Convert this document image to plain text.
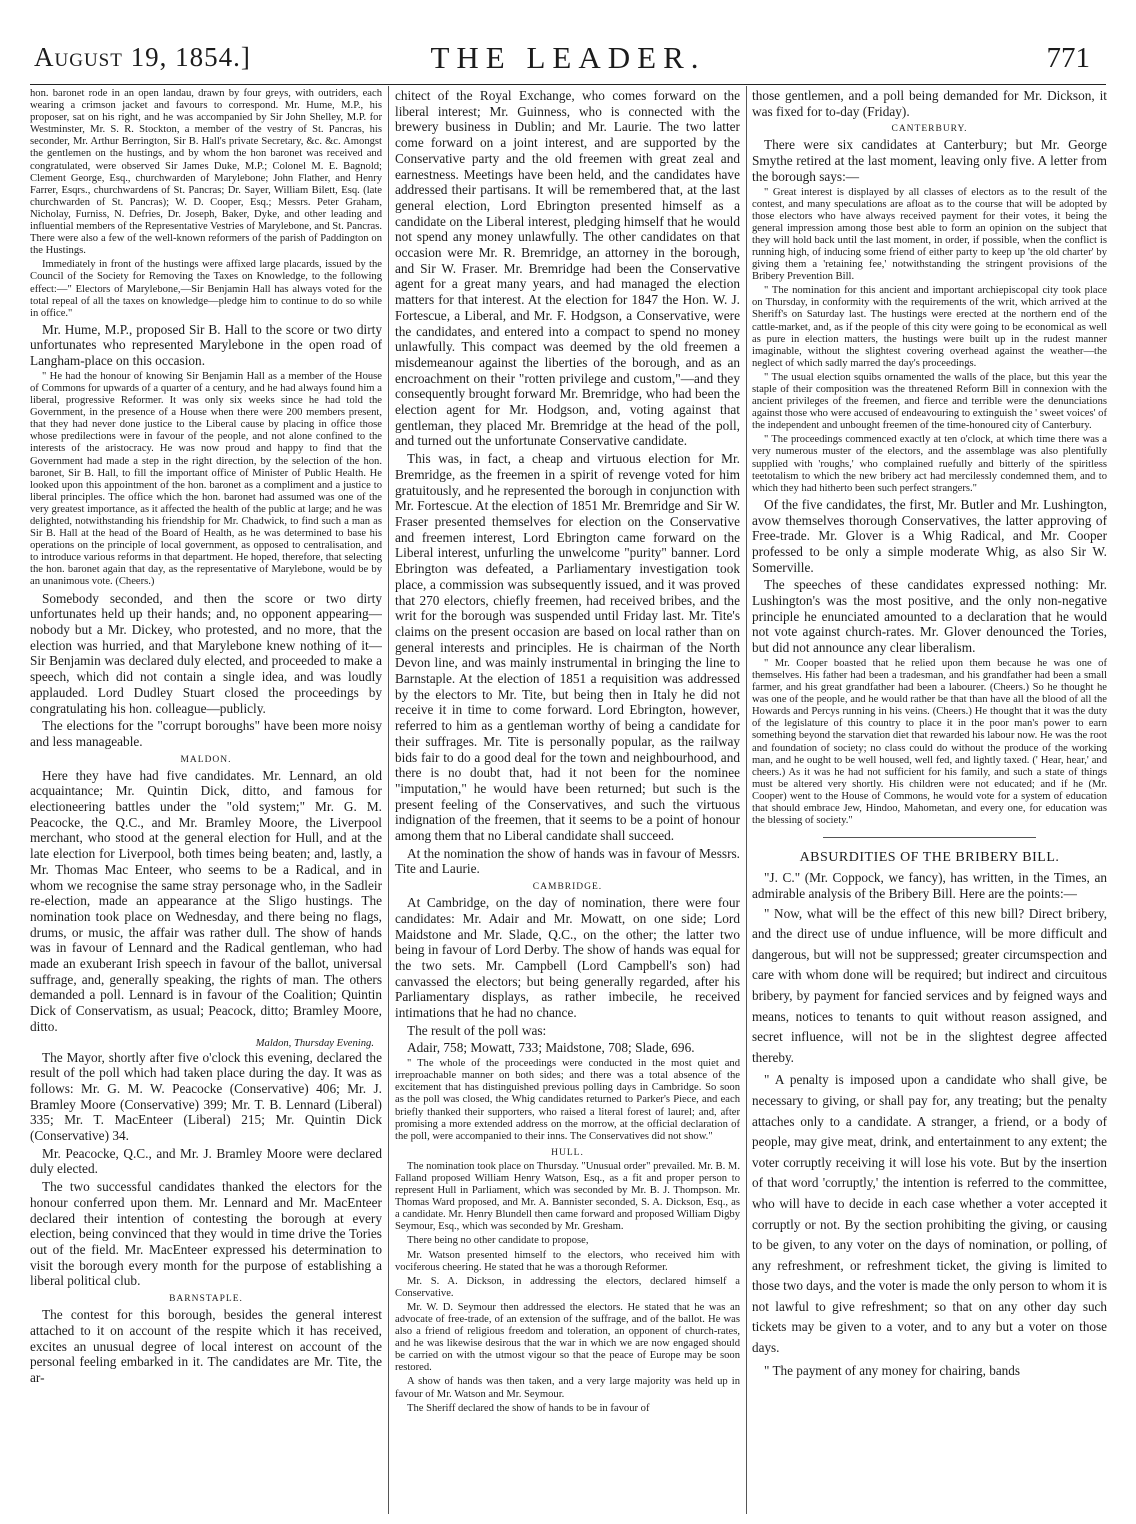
August 19, 1854.]	THE LEADER.	771

hon. baronet rode in an open landau, drawn by four greys, with outriders, each wearing a crimson jacket and favours to correspond. Mr. Hume, M.P., his proposer, sat on his right, and he was accompanied by Sir John Shelley, M.P. for Westminster, Mr. S. R. Stockton, a member of the vestry of St. Pancras, his seconder, Mr. Arthur Berrington, Sir B. Hall's private Secretary, &c. &c. Amongst the gentlemen on the hustings, and by whom the hon baronet was received and congratulated, were observed Sir James Duke, M.P.; Colonel M. E. Bagnold; Clement George, Esq., churchwarden of Marylebone; John Flather, and Henry Farrer, Esqrs., churchwardens of St. Pancras; Dr. Sayer, William Bilett, Esq. (late churchwarden of St. Pancras); W. D. Cooper, Esq.; Messrs. Peter Graham, Nicholay, Furniss, N. Defries, Dr. Joseph, Baker, Dyke, and other leading and influential members of the Representative Vestries of Marylebone, and St. Pancras. There were also a few of the well-known reformers of the parish of Paddington on the Hustings.

Immediately in front of the hustings were affixed large placards, issued by the Council of the Society for Removing the Taxes on Knowledge, to the following effect:—" Electors of Marylebone,—Sir Benjamin Hall has always voted for the total repeal of all the taxes on knowledge—pledge him to continue to do so while in office."

Mr. Hume, M.P., proposed Sir B. Hall to the score or two dirty unfortunates who represented Marylebone in the open road of Langham-place on this occasion.

" He had the honour of knowing Sir Benjamin Hall as a member of the House of Commons for upwards of a quarter of a century, and he had always found him a liberal, progressive Reformer. It was only six weeks since he had told the Government, in the presence of a House when there were 200 members present, that they had never done justice to the Liberal cause by placing in office those whose predilections were in favour of the people, and not alone confined to the interests of the aristocracy. He was now proud and happy to find that the Government had made a step in the right direction, by the selection of the hon. baronet, Sir B. Hall, to fill the important office of Minister of Public Health. He looked upon this appointment of the hon. baronet as a compliment and a justice to liberal principles. The office which the hon. baronet had assumed was one of the very greatest importance, as it affected the health of the public at large; and he was delighted, notwithstanding his friendship for Mr. Chadwick, to find such a man as Sir B. Hall at the head of the Board of Health, as he was determined to base his operations on the principle of local government, as opposed to centralisation, and to introduce various reforms in that department. He hoped, therefore, that selecting the hon. baronet again that day, as the representative of Marylebone, would be by an unanimous vote. (Cheers.)

Somebody seconded, and then the score or two dirty unfortunates held up their hands; and, no opponent appearing—nobody but a Mr. Dickey, who protested, and no more, that the election was hurried, and that Marylebone knew nothing of it—Sir Benjamin was declared duly elected, and proceeded to make a speech, which did not contain a single idea, and was loudly applauded. Lord Dudley Stuart closed the proceedings by congratulating his hon. colleague—publicly.

The elections for the "corrupt boroughs" have been more noisy and less manageable.

MALDON.

Here they have had five candidates. Mr. Lennard, an old acquaintance; Mr. Quintin Dick, ditto, and famous for electioneering battles under the "old system;" Mr. G. M. Peacocke, the Q.C., and Mr. Bramley Moore, the Liverpool merchant, who stood at the general election for Hull, and at the late election for Liverpool, both times being beaten; and, lastly, a Mr. Thomas Mac Enteer, who seems to be a Radical, and in whom we recognise the same stray personage who, in the Sadleir re-election, made an appearance at the Sligo hustings. The nomination took place on Wednesday, and there being no flags, drums, or music, the affair was rather dull. The show of hands was in favour of Lennard and the Radical gentleman, who had made an exuberant Irish speech in favour of the ballot, universal suffrage, and, generally speaking, the rights of man. The others demanded a poll. Lennard is in favour of the Coalition; Quintin Dick of Conservatism, as usual; Peacock, ditto; Bramley Moore, ditto.

Maldon, Thursday Evening.

The Mayor, shortly after five o'clock this evening, declared the result of the poll which had taken place during the day. It was as follows: Mr. G. M. W. Peacocke (Conservative) 406; Mr. J. Bramley Moore (Conservative) 399; Mr. T. B. Lennard (Liberal) 335; Mr. T. MacEnteer (Liberal) 215; Mr. Quintin Dick (Conservative) 34.

Mr. Peacocke, Q.C., and Mr. J. Bramley Moore were declared duly elected.

The two successful candidates thanked the electors for the honour conferred upon them. Mr. Lennard and Mr. MacEnteer declared their intention of contesting the borough at every election, being convinced that they would in time drive the Tories out of the field. Mr. MacEnteer expressed his determination to visit the borough every month for the purpose of establishing a liberal political club.

BARNSTAPLE.

The contest for this borough, besides the general interest attached to it on account of the respite which it has received, excites an unusual degree of local interest on account of the personal feeling embarked in it. The candidates are Mr. Tite, the ar-

chitect of the Royal Exchange, who comes forward on the liberal interest; Mr. Guinness, who is connected with the brewery business in Dublin; and Mr. Laurie. The two latter come forward on a joint interest, and are supported by the Conservative party and the old freemen with great zeal and earnestness. Meetings have been held, and the candidates have addressed their partisans. It will be remembered that, at the last general election, Lord Ebrington presented himself as a candidate on the Liberal interest, pledging himself that he would not spend any money unlawfully. The other candidates on that occasion were Mr. R. Bremridge, an attorney in the borough, and Sir W. Fraser. Mr. Bremridge had been the Conservative agent for a great many years, and had managed the election matters for that interest. At the election for 1847 the Hon. W. J. Fortescue, a Liberal, and Mr. F. Hodgson, a Conservative, were the candidates, and entered into a compact to spend no money unlawfully. This compact was deemed by the old freemen a misdemeanour against the liberties of the borough, and as an encroachment on their "rotten privilege and custom,"—and they consequently brought forward Mr. Bremridge, who had been the election agent for Mr. Hodgson, and, voting against that gentleman, they placed Mr. Bremridge at the head of the poll, and turned out the unfortunate Conservative candidate.

This was, in fact, a cheap and virtuous election for Mr. Bremridge, as the freemen in a spirit of revenge voted for him gratuitously, and he represented the borough in conjunction with Mr. Fortescue. At the election of 1851 Mr. Bremridge and Sir W. Fraser presented themselves for election on the Conservative and freemen interest, Lord Ebrington came forward on the Liberal interest, unfurling the unwelcome "purity" banner. Lord Ebrington was defeated, a Parliamentary investigation took place, a commission was subsequently issued, and it was proved that 270 electors, chiefly freemen, had received bribes, and the writ for the borough was suspended until Friday last. Mr. Tite's claims on the present occasion are based on local rather than on general interests and principles. He is chairman of the North Devon line, and was mainly instrumental in bringing the line to Barnstaple. At the election of 1851 a requisition was addressed by the electors to Mr. Tite, but being then in Italy he did not receive it in time to come forward. Lord Ebrington, however, referred to him as a gentleman worthy of being a candidate for their suffrages. Mr. Tite is personally popular, as the railway bids fair to do a good deal for the town and neighbourhood, and there is no doubt that, had it not been for the nominee "imputation," he would have been returned; but such is the present feeling of the Conservatives, and such the virtuous indignation of the freemen, that it seems to be a point of honour among them that no Liberal candidate shall succeed.

At the nomination the show of hands was in favour of Messrs. Tite and Laurie.

CAMBRIDGE.

At Cambridge, on the day of nomination, there were four candidates: Mr. Adair and Mr. Mowatt, on one side; Lord Maidstone and Mr. Slade, Q.C., on the other; the latter two being in favour of Lord Derby. The show of hands was equal for the two sets. Mr. Campbell (Lord Campbell's son) had canvassed the electors; but being generally regarded, after his Parliamentary displays, as rather imbecile, he received intimations that he had no chance.

The result of the poll was:

Adair, 758; Mowatt, 733; Maidstone, 708; Slade, 696.

" The whole of the proceedings were conducted in the most quiet and irreproachable manner on both sides; and there was a total absence of the excitement that has distinguished previous polling days in Cambridge. So soon as the poll was closed, the Whig candidates returned to Parker's Piece, and each briefly thanked their supporters, who raised a literal forest of laurel; and, after promising a more extended address on the morrow, at the official declaration of the poll, were accompanied to their inns. The Conservatives did not show."

HULL.

The nomination took place on Thursday. "Unusual order" prevailed. Mr. B. M. Falland proposed William Henry Watson, Esq., as a fit and proper person to represent Hull in Parliament, which was seconded by Mr. B. J. Thompson. Mr. Thomas Ward proposed, and Mr. A. Bannister seconded, S. A. Dickson, Esq., as a candidate. Mr. Henry Blundell then came forward and proposed William Digby Seymour, Esq., which was seconded by Mr. Gresham.

There being no other candidate to propose,

Mr. Watson presented himself to the electors, who received him with vociferous cheering. He stated that he was a thorough Reformer.

Mr. S. A. Dickson, in addressing the electors, declared himself a Conservative.

Mr. W. D. Seymour then addressed the electors. He stated that he was an advocate of free-trade, of an extension of the suffrage, and of the ballot. He was also a friend of religious freedom and toleration, an opponent of church-rates, and he was likewise desirous that the war in which we are now engaged should be carried on with the utmost vigour so that the peace of Europe may be soon restored.

A show of hands was then taken, and a very large majority was held up in favour of Mr. Watson and Mr. Seymour.

The Sheriff declared the show of hands to be in favour of

those gentlemen, and a poll being demanded for Mr. Dickson, it was fixed for to-day (Friday).

CANTERBURY.

There were six candidates at Canterbury; but Mr. George Smythe retired at the last moment, leaving only five. A letter from the borough says:—

" Great interest is displayed by all classes of electors as to the result of the contest, and many speculations are afloat as to the course that will be adopted by those electors who have always received payment for their votes, it being the general impression among those best able to form an opinion on the subject that they will hold back until the last moment, in order, if possible, when the conflict is running high, of inducing some friend of either party to keep up 'the old charter' by giving them a 'retaining fee,' notwithstanding the stringent provisions of the Bribery Prevention Bill.

" The nomination for this ancient and important archiepiscopal city took place on Thursday, in conformity with the requirements of the writ, which arrived at the Sheriff's on Saturday last. The hustings were erected at the northern end of the cattle-market, and, as if the people of this city were going to be economical as well as pure in election matters, the hustings were built up in the rudest manner imaginable, without the slightest covering overhead against the weather—the neglect of which sadly marred the day's proceedings.

" The usual election squibs ornamented the walls of the place, but this year the staple of their composition was the threatened Reform Bill in connexion with the ancient privileges of the freemen, and fierce and terrible were the denunciations against those who were accused of endeavouring to extinguish the ' sweet voices' of the independent and unbought freemen of the time-honoured city of Canterbury.

" The proceedings commenced exactly at ten o'clock, at which time there was a very numerous muster of the electors, and the assemblage was also plentifully supplied with 'roughs,' who complained ruefully and bitterly of the spiritless teetotalism to which the new bribery act had mercilessly condemned them, and to which they had hitherto been such perfect strangers."

Of the five candidates, the first, Mr. Butler and Mr. Lushington, avow themselves thorough Conservatives, the latter approving of Free-trade. Mr. Glover is a Whig Radical, and Mr. Cooper professed to be only a simple moderate Whig, as also Sir W. Somerville.

The speeches of these candidates expressed nothing: Mr. Lushington's was the most positive, and the only non-negative principle he enunciated amounted to a declaration that he would not vote against church-rates. Mr. Glover denounced the Tories, but did not announce any clear liberalism.

" Mr. Cooper boasted that he relied upon them because he was one of themselves. His father had been a tradesman, and his grandfather had been a small farmer, and his great grandfather had been a labourer. (Cheers.) So he thought he was one of the people, and he would rather be that than have all the blood of all the Howards and Percys running in his veins. (Cheers.) He thought that it was the duty of the legislature of this country to place it in the poor man's power to earn something beyond the starvation diet that rewarded his labour now. He was the root and foundation of society; no class could do without the produce of the working man, and he ought to be well housed, well fed, and lightly taxed. (' Hear, hear,' and cheers.) As it was he had not sufficient for his family, and such a state of things must be altered very shortly. His children were not educated; and if he (Mr. Cooper) went to the House of Commons, he would vote for a system of education that should embrace Jew, Hindoo, Mahometan, and every one, for education was the blessing of society."

ABSURDITIES OF THE BRIBERY BILL.

"J. C." (Mr. Coppock, we fancy), has written, in the Times, an admirable analysis of the Bribery Bill. Here are the points:—

" Now, what will be the effect of this new bill? Direct bribery, and the direct use of undue influence, will be more difficult and dangerous, but will not be suppressed; greater circumspection and care with whom done will be required; but indirect and circuitous bribery, by payment for fancied services and by feigned ways and means, notices to tenants to quit without reason assigned, and secret influence, will not be in the slightest degree affected thereby.

" A penalty is imposed upon a candidate who shall give, be necessary to giving, or shall pay for, any treating; but the penalty attaches only to a candidate. A stranger, a friend, or a body of people, may give meat, drink, and entertainment to any extent; the voter corruptly receiving it will lose his vote. But by the insertion of that word 'corruptly,' the intention is referred to the committee, who will have to decide in each case whether a voter accepted it corruptly or not. By the section prohibiting the giving, or causing to be given, to any voter on the days of nomination, or polling, of any refreshment, or refreshment ticket, the giving is limited to those two days, and the voter is made the only person to whom it is not lawful to give refreshment; so that on any other day such tickets may be given to a voter, and to any but a voter on those days.

" The payment of any money for chairing, bands
